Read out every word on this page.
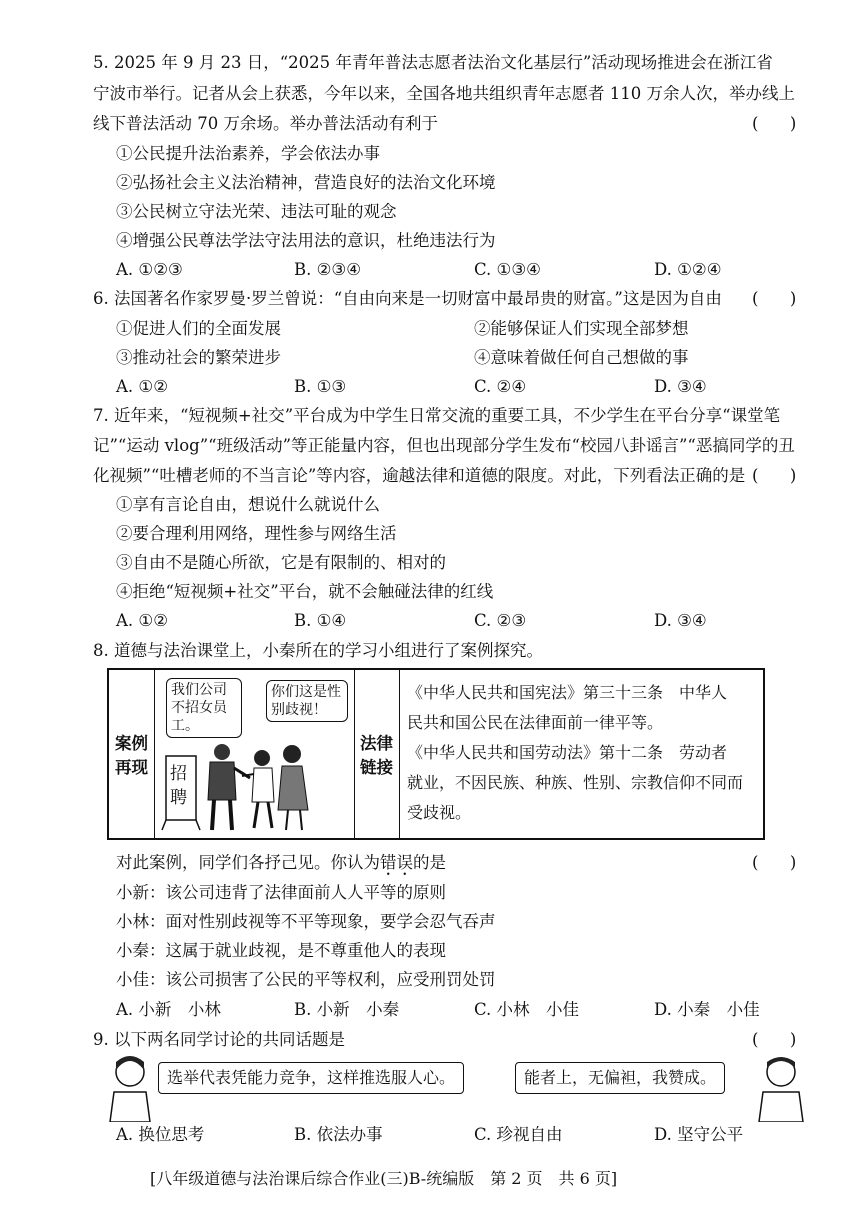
5. 2025 年 9 月 23 日，“2025 年青年普法志愿者法治文化基层行”活动现场推进会在浙江省
宁波市举行。记者从会上获悉，今年以来，全国各地共组织青年志愿者 110 万余人次，举办线上
线下普法活动 70 万余场。举办普法活动有利于	(      )
①公民提升法治素养，学会依法办事
②弘扬社会主义法治精神，营造良好的法治文化环境
③公民树立守法光荣、违法可耻的观念
④增强公民尊法学法守法用法的意识，杜绝违法行为
A. ①②③	B. ②③④	C. ①③④	D. ①②④
6. 法国著名作家罗曼·罗兰曾说：“自由向来是一切财富中最昂贵的财富。”这是因为自由 (      )
①促进人们的全面发展	②能够保证人们实现全部梦想
③推动社会的繁荣进步	④意味着做任何自己想做的事
A. ①②	B. ①③	C. ②④	D. ③④
7. 近年来，“短视频+社交”平台成为中学生日常交流的重要工具，不少学生在平台分享“课堂笔
记”“运动 vlog”“班级活动”等正能量内容，但也出现部分学生发布“校园八卦谣言”“恶搞同学的丑
化视频”“吐槽老师的不当言论”等内容，逾越法律和道德的限度。对此，下列看法正确的是 (      )
①享有言论自由，想说什么就说什么
②要合理利用网络，理性参与网络生活
③自由不是随心所欲，它是有限制的、相对的
④拒绝“短视频+社交”平台，就不会触碰法律的红线
A. ①②	B. ①④	C. ②③	D. ③④
8. 道德与法治课堂上，小秦所在的学习小组进行了案例探究。
案例再现
我们公司不招女员工。
你们这是性别歧视！
招聘
法律链接
《中华人民共和国宪法》第三十三条　中华人
民共和国公民在法律面前一律平等。
《中华人民共和国劳动法》第十二条　劳动者
就业，不因民族、种族、性别、宗教信仰不同而
受歧视。
对此案例，同学们各抒己见。你认为错误的是	(      )
小新：该公司违背了法律面前人人平等的原则
小林：面对性别歧视等不平等现象，要学会忍气吞声
小秦：这属于就业歧视，是不尊重他人的表现
小佳：该公司损害了公民的平等权利，应受刑罚处罚
A. 小新　小林	B. 小新　小秦	C. 小林　小佳	D. 小秦　小佳
9. 以下两名同学讨论的共同话题是	(      )
选举代表凭能力竞争，这样推选服人心。	能者上，无偏袒，我赞成。
A. 换位思考	B. 依法办事	C. 珍视自由	D. 坚守公平
[八年级道德与法治课后综合作业(三)B-统编版　第 2 页　共 6 页]
